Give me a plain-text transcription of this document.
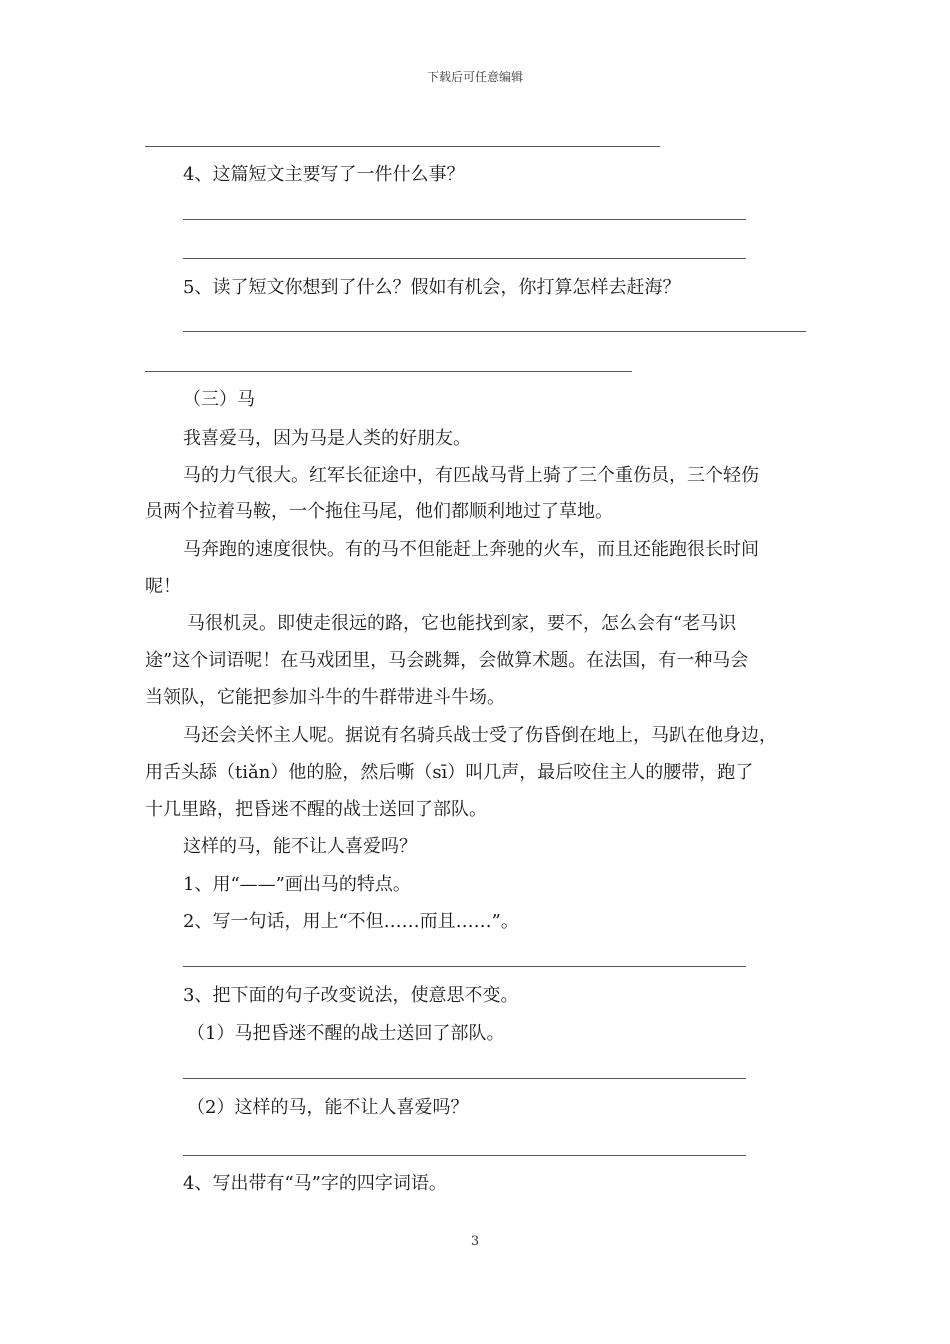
下载后可任意编辑
4、这篇短文主要写了一件什么事？
5、读了短文你想到了什么？假如有机会，你打算怎样去赶海？
（三）马
我喜爱马，因为马是人类的好朋友。
马的力气很大。红军长征途中，有匹战马背上骑了三个重伤员，三个轻伤
员两个拉着马鞍，一个拖住马尾，他们都顺利地过了草地。
马奔跑的速度很快。有的马不但能赶上奔驰的火车，而且还能跑很长时间
呢！
马很机灵。即使走很远的路，它也能找到家，要不，怎么会有“老马识
途”这个词语呢！在马戏团里，马会跳舞，会做算术题。在法国，有一种马会
当领队，它能把参加斗牛的牛群带进斗牛场。
马还会关怀主人呢。据说有名骑兵战士受了伤昏倒在地上，马趴在他身边，
用舌头舔（tiǎn）他的脸，然后嘶（sī）叫几声，最后咬住主人的腰带，跑了
十几里路，把昏迷不醒的战士送回了部队。
这样的马，能不让人喜爱吗？
1、用“——”画出马的特点。
2、写一句话，用上“不但……而且……”。
3、把下面的句子改变说法，使意思不变。
（1）马把昏迷不醒的战士送回了部队。
（2）这样的马，能不让人喜爱吗？
4、写出带有“马”字的四字词语。
3
